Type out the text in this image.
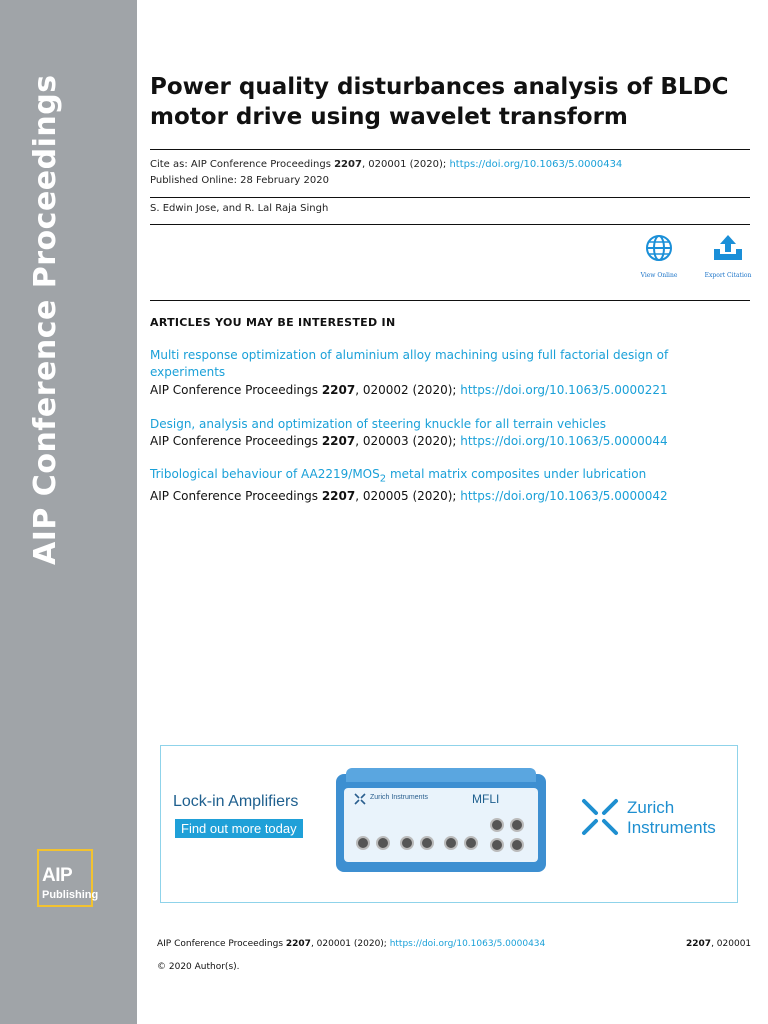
AIP Conference Proceedings
AIP
Publishing
Power quality disturbances analysis of BLDC motor drive using wavelet transform
Cite as: AIP Conference Proceedings 2207, 020001 (2020); https://doi.org/10.1063/5.0000434
Published Online: 28 February 2020
S. Edwin Jose, and R. Lal Raja Singh
View Online	Export Citation
ARTICLES YOU MAY BE INTERESTED IN
Multi response optimization of aluminium alloy machining using full factorial design of experiments
AIP Conference Proceedings 2207, 020002 (2020); https://doi.org/10.1063/5.0000221
Design, analysis and optimization of steering knuckle for all terrain vehicles
AIP Conference Proceedings 2207, 020003 (2020); https://doi.org/10.1063/5.0000044
Tribological behaviour of $AA2219/MOS_2$ metal matrix composites under lubrication
AIP Conference Proceedings 2207, 020005 (2020); https://doi.org/10.1063/5.0000042
Lock-in Amplifiers
Find out more today
Zurich Instruments	MFLI	Zurich
Instruments
AIP Conference Proceedings 2207, 020001 (2020); https://doi.org/10.1063/5.0000434	2207, 020001
© 2020 Author(s).
